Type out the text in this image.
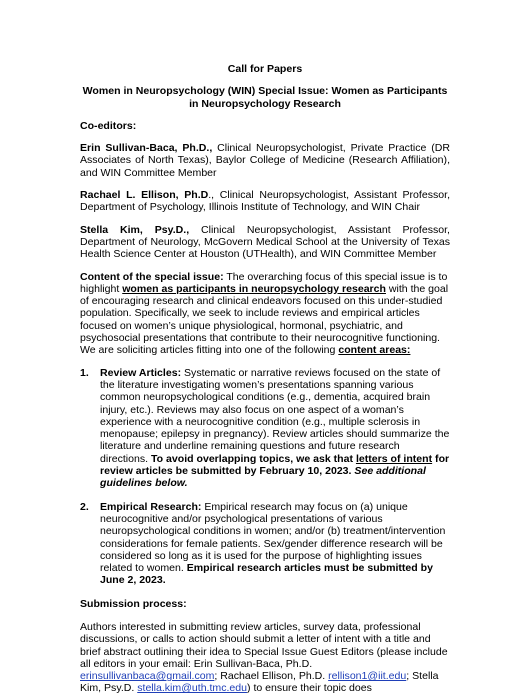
Call for Papers

Women in Neuropsychology (WIN) Special Issue: Women as Participants in Neuropsychology Research

Co-editors:

Erin Sullivan-Baca, Ph.D., Clinical Neuropsychologist, Private Practice (DR Associates of North Texas), Baylor College of Medicine (Research Affiliation), and WIN Committee Member

Rachael L. Ellison, Ph.D., Clinical Neuropsychologist, Assistant Professor, Department of Psychology, Illinois Institute of Technology, and WIN Chair

Stella Kim, Psy.D., Clinical Neuropsychologist, Assistant Professor, Department of Neurology, McGovern Medical School at the University of Texas Health Science Center at Houston (UTHealth), and WIN Committee Member

Content of the special issue: The overarching focus of this special issue is to highlight women as participants in neuropsychology research with the goal of encouraging research and clinical endeavors focused on this under-studied population. Specifically, we seek to include reviews and empirical articles focused on women’s unique physiological, hormonal, psychiatric, and psychosocial presentations that contribute to their neurocognitive functioning. We are soliciting articles fitting into one of the following content areas:

1. Review Articles: Systematic or narrative reviews focused on the state of the literature investigating women’s presentations spanning various common neuropsychological conditions (e.g., dementia, acquired brain injury, etc.). Reviews may also focus on one aspect of a woman’s experience with a neurocognitive condition (e.g., multiple sclerosis in menopause; epilepsy in pregnancy). Review articles should summarize the literature and underline remaining questions and future research directions. To avoid overlapping topics, we ask that letters of intent for review articles be submitted by February 10, 2023. See additional guidelines below.
2. Empirical Research: Empirical research may focus on (a) unique neurocognitive and/or psychological presentations of various neuropsychological conditions in women; and/or (b) treatment/intervention considerations for female patients. Sex/gender difference research will be considered so long as it is used for the purpose of highlighting issues related to women. Empirical research articles must be submitted by June 2, 2023.

Submission process:

Authors interested in submitting review articles, survey data, professional discussions, or calls to action should submit a letter of intent with a title and brief abstract outlining their idea to Special Issue Guest Editors (please include all editors in your email: Erin Sullivan-Baca, Ph.D. erinsullivanbaca@gmail.com; Rachael Ellison, Ph.D. rellison1@iit.edu; Stella Kim, Psy.D. stella.kim@uth.tmc.edu) to ensure their topic does
